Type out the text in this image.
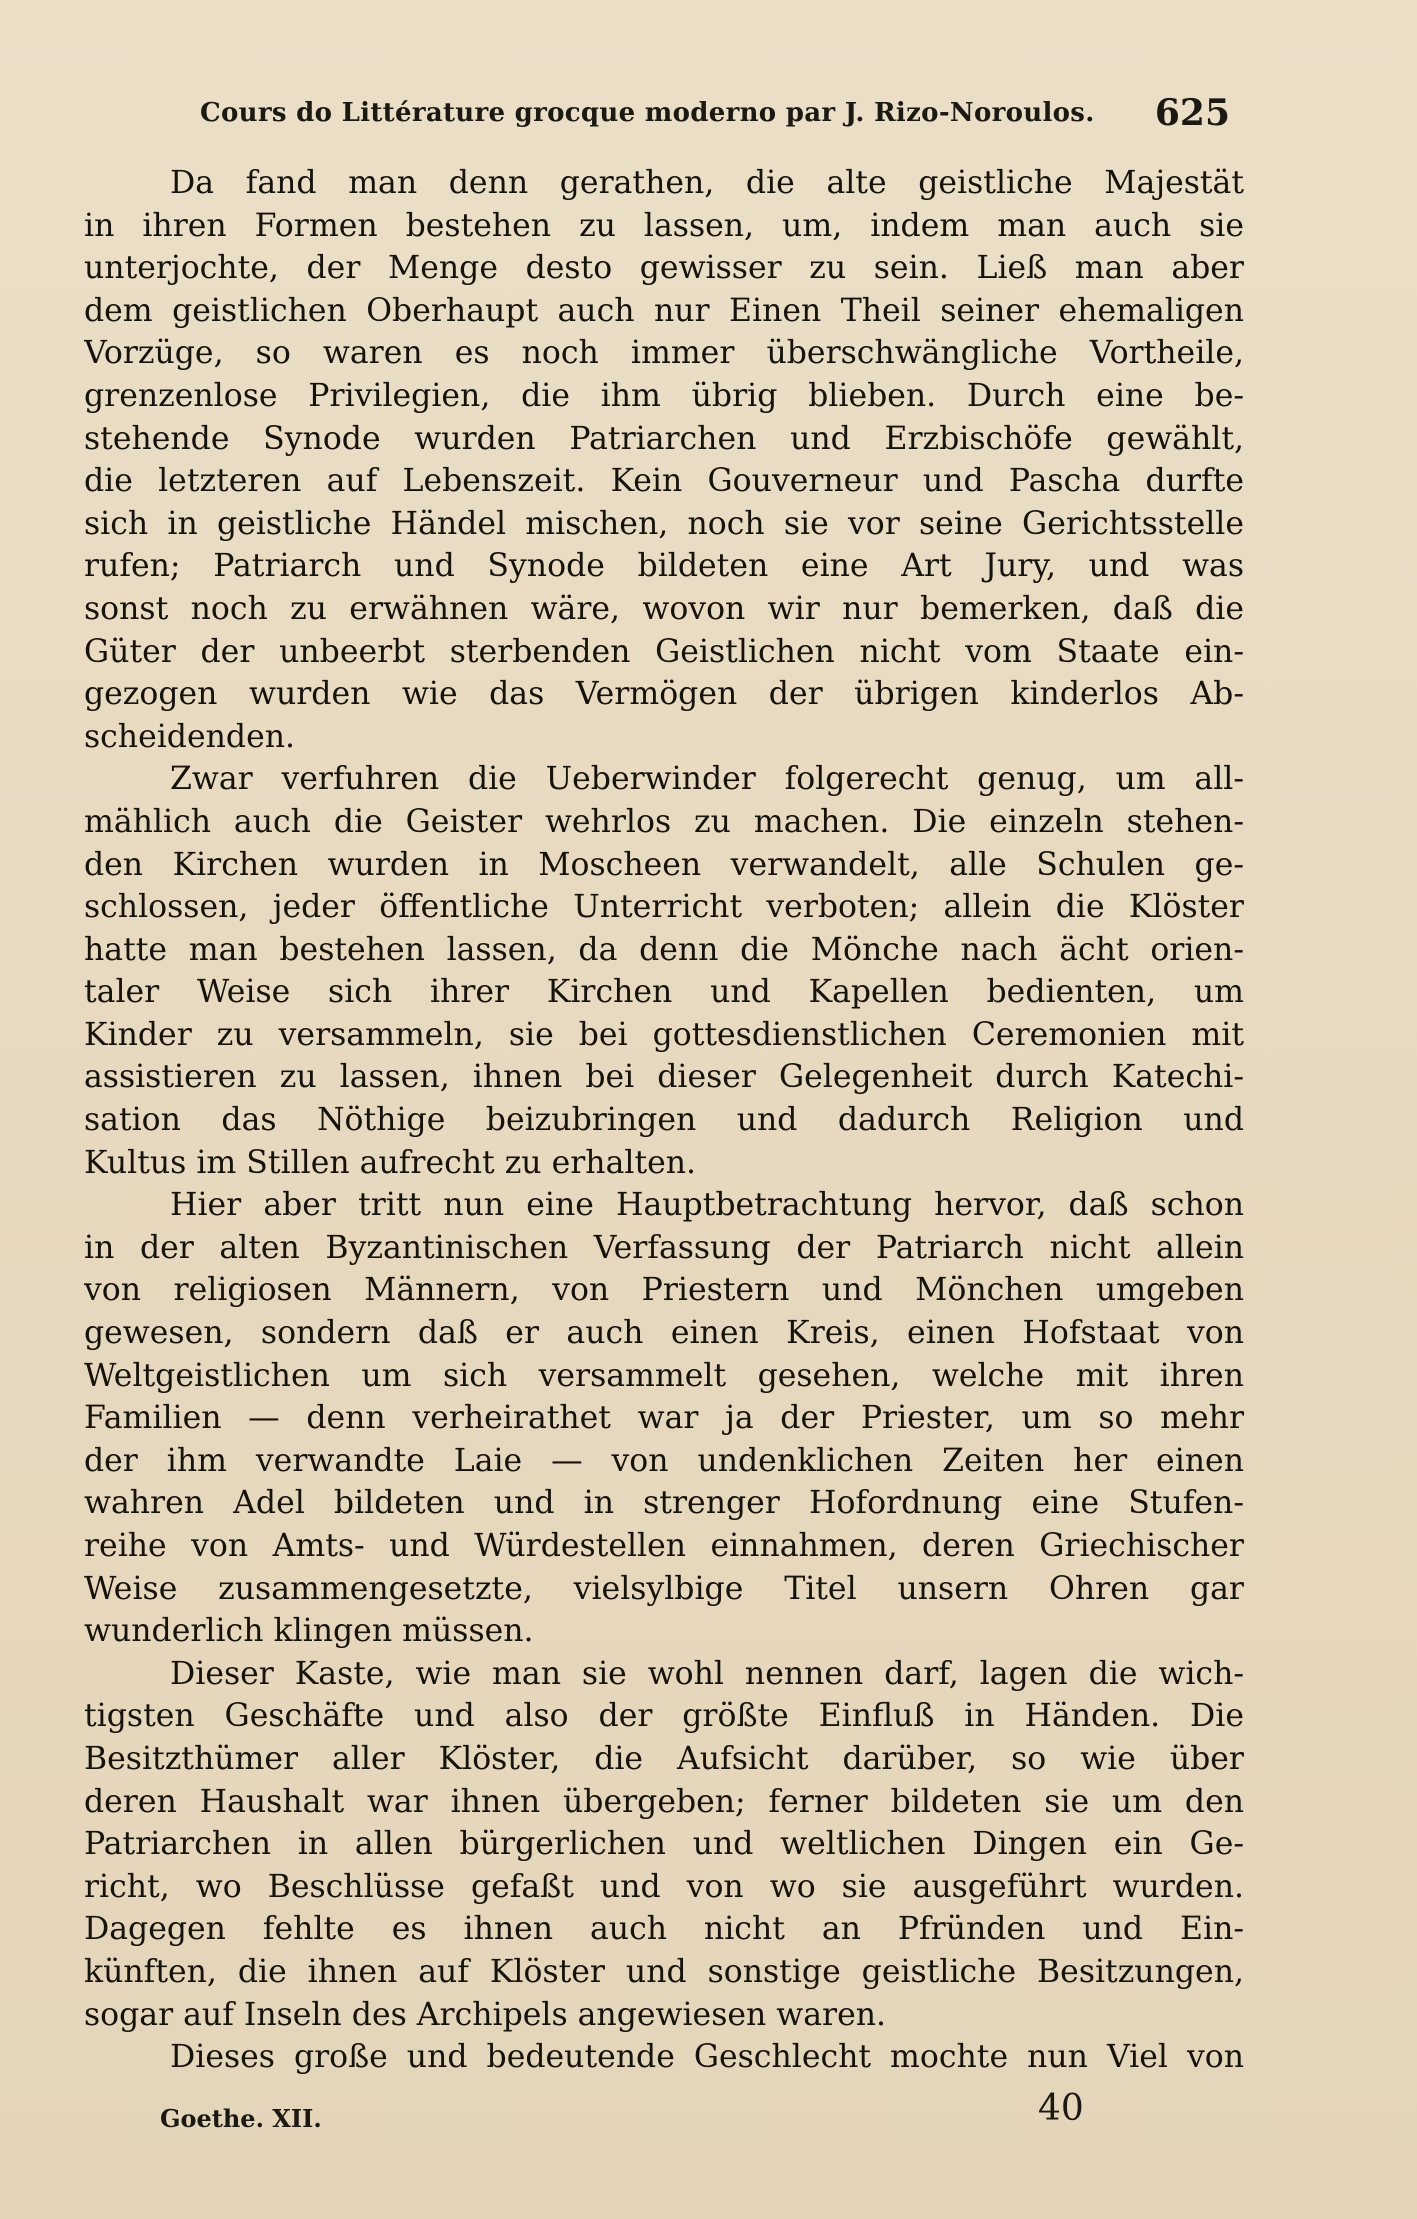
Cours do Littérature grocque moderno par J. Rizo-Noroulos. 625
Da fand man denn gerathen, die alte geistliche Majestät
in ihren Formen bestehen zu lassen, um, indem man auch sie
unterjochte, der Menge desto gewisser zu sein. Ließ man aber
dem geistlichen Oberhaupt auch nur Einen Theil seiner ehemaligen
Vorzüge, so waren es noch immer überschwängliche Vortheile,
grenzenlose Privilegien, die ihm übrig blieben. Durch eine be-
stehende Synode wurden Patriarchen und Erzbischöfe gewählt,
die letzteren auf Lebenszeit. Kein Gouverneur und Pascha durfte
sich in geistliche Händel mischen, noch sie vor seine Gerichtsstelle
rufen; Patriarch und Synode bildeten eine Art Jury, und was
sonst noch zu erwähnen wäre, wovon wir nur bemerken, daß die
Güter der unbeerbt sterbenden Geistlichen nicht vom Staate ein-
gezogen wurden wie das Vermögen der übrigen kinderlos Ab-
scheidenden.
Zwar verfuhren die Ueberwinder folgerecht genug, um all-
mählich auch die Geister wehrlos zu machen. Die einzeln stehen-
den Kirchen wurden in Moscheen verwandelt, alle Schulen ge-
schlossen, jeder öffentliche Unterricht verboten; allein die Klöster
hatte man bestehen lassen, da denn die Mönche nach ächt orien-
taler Weise sich ihrer Kirchen und Kapellen bedienten, um
Kinder zu versammeln, sie bei gottesdienstlichen Ceremonien mit
assistieren zu lassen, ihnen bei dieser Gelegenheit durch Katechi-
sation das Nöthige beizubringen und dadurch Religion und
Kultus im Stillen aufrecht zu erhalten.
Hier aber tritt nun eine Hauptbetrachtung hervor, daß schon
in der alten Byzantinischen Verfassung der Patriarch nicht allein
von religiosen Männern, von Priestern und Mönchen umgeben
gewesen, sondern daß er auch einen Kreis, einen Hofstaat von
Weltgeistlichen um sich versammelt gesehen, welche mit ihren
Familien — denn verheirathet war ja der Priester, um so mehr
der ihm verwandte Laie — von undenklichen Zeiten her einen
wahren Adel bildeten und in strenger Hofordnung eine Stufen-
reihe von Amts- und Würdestellen einnahmen, deren Griechischer
Weise zusammengesetzte, vielsylbige Titel unsern Ohren gar
wunderlich klingen müssen.
Dieser Kaste, wie man sie wohl nennen darf, lagen die wich-
tigsten Geschäfte und also der größte Einfluß in Händen. Die
Besitzthümer aller Klöster, die Aufsicht darüber, so wie über
deren Haushalt war ihnen übergeben; ferner bildeten sie um den
Patriarchen in allen bürgerlichen und weltlichen Dingen ein Ge-
richt, wo Beschlüsse gefaßt und von wo sie ausgeführt wurden.
Dagegen fehlte es ihnen auch nicht an Pfründen und Ein-
künften, die ihnen auf Klöster und sonstige geistliche Besitzungen,
sogar auf Inseln des Archipels angewiesen waren.
Dieses große und bedeutende Geschlecht mochte nun Viel von
Goethe. XII.	40
